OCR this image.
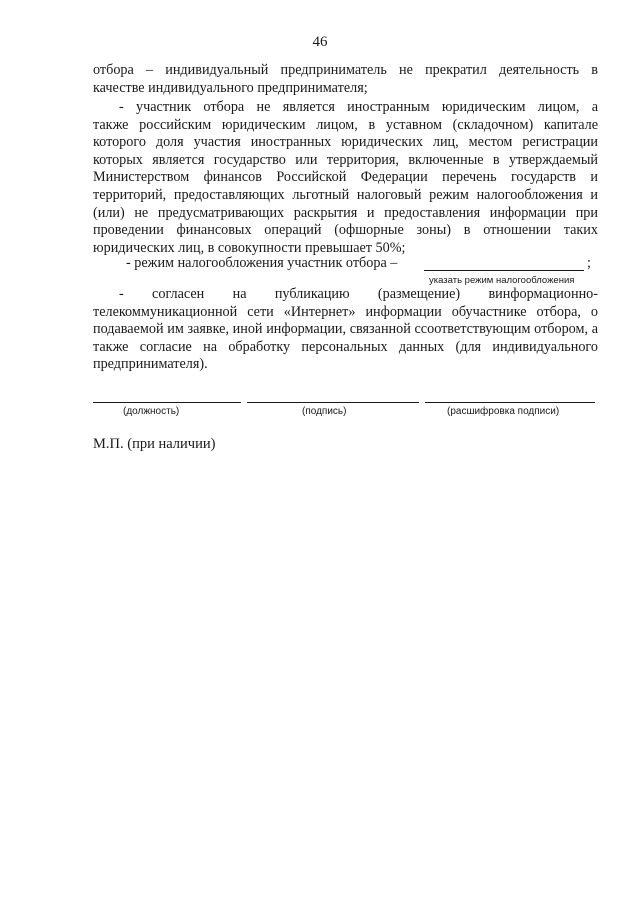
46

отбора – индивидуальный предприниматель не прекратил деятельность в

качестве индивидуального предпринимателя;

- участник отбора не является иностранным юридическим лицом, а

также российским юридическим лицом, в уставном (складочном) капитале которого доля участия иностранных юридических лиц, местом регистрации которых является государство или территория, включенные в утверждаемый Министерством финансов Российской Федерации перечень государств и территорий, предоставляющих льготный налоговый режим налогообложения и (или) не предусматривающих раскрытия и предоставления информации при проведении финансовых операций (офшорные зоны) в отношении таких юридических лиц, в совокупности превышает 50%;

- режим налогообложения участник отбора –	;
указать режим налогообложения

- согласен на публикацию (размещение) винформационно-

телекоммуникационной сети «Интернет» информации обучастнике отбора, о подаваемой им заявке, иной информации, связанной ссоответствующим отбором, а также согласие на обработку персональных данных (для индивидуального предпринимателя).

(должность)	(подпись)	(расшифровка подписи)
М.П. (при наличии)
